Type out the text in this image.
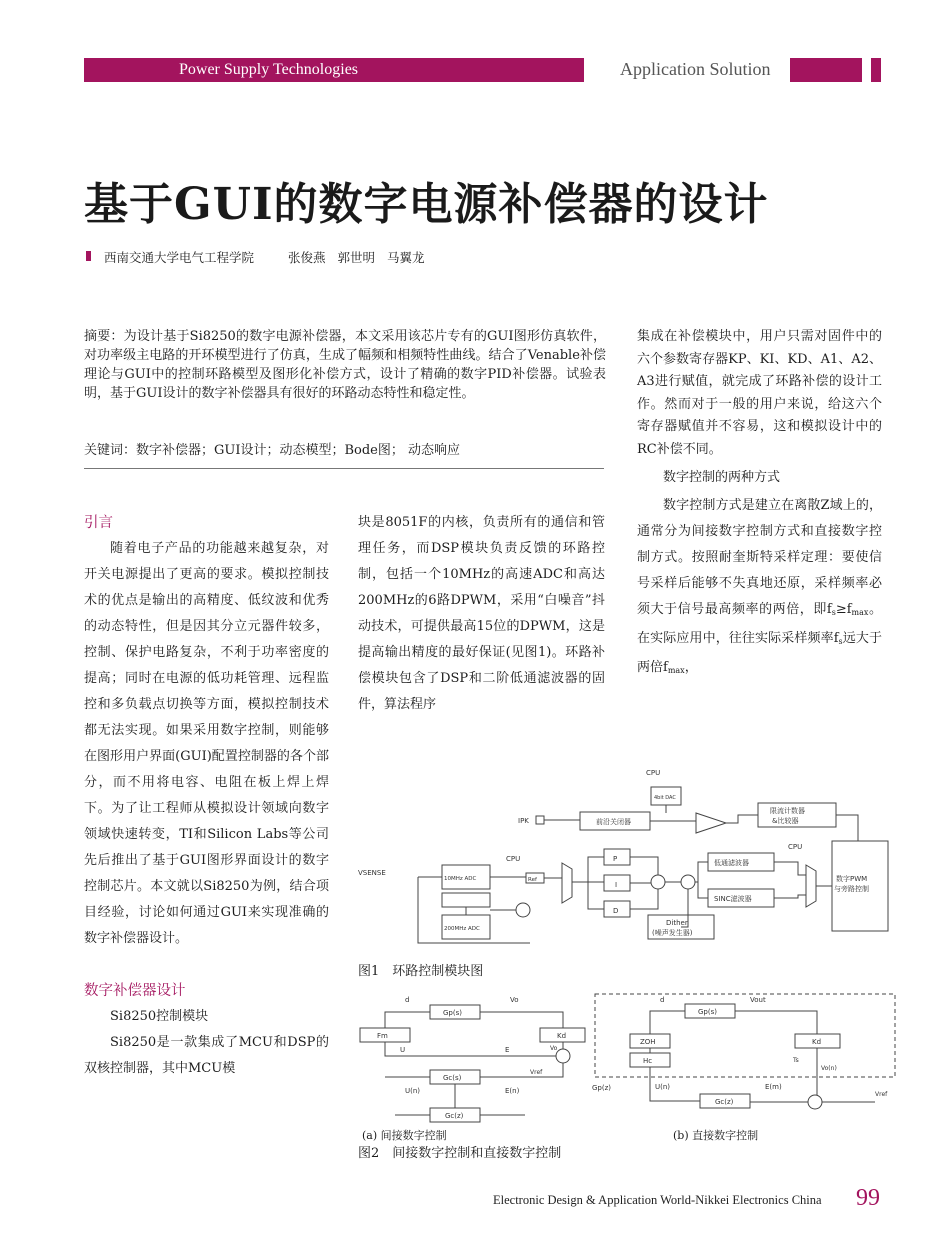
Power Supply Technologies	Application Solution
基于GUI的数字电源补偿器的设计
西南交通大学电气工程学院	张俊燕 郭世明 马翼龙
摘要：为设计基于Si8250的数字电源补偿器，本文采用该芯片专有的GUI图形仿真软件，对功率级主电路的开环模型进行了仿真，生成了幅频和相频特性曲线。结合了Venable补偿理论与GUI中的控制环路模型及图形化补偿方式，设计了精确的数字PID补偿器。试验表明，基于GUI设计的数字补偿器具有很好的环路动态特性和稳定性。
关键词：数字补偿器；GUI设计；动态模型；Bode图； 动态响应
引言

随着电子产品的功能越来越复杂，对开关电源提出了更高的要求。模拟控制技术的优点是输出的高精度、低纹波和优秀的动态特性，但是因其分立元器件较多，控制、保护电路复杂，不利于功率密度的提高；同时在电源的低功耗管理、远程监控和多负载点切换等方面，模拟控制技术都无法实现。如果采用数字控制，则能够在图形用户界面(GUI)配置控制器的各个部分，而不用将电容、电阻在板上焊上焊下。为了让工程师从模拟设计领域向数字领域快速转变，TI和Silicon Labs等公司先后推出了基于GUI图形界面设计的数字控制芯片。本文就以Si8250为例，结合项目经验，讨论如何通过GUI来实现准确的数字补偿器设计。

数字补偿器设计
Si8250控制模块

Si8250是一款集成了MCU和DSP的双核控制器，其中MCU模

块是8051F的内核，负责所有的通信和管理任务，而DSP模块负责反馈的环路控制，包括一个10MHz的高速ADC和高达200MHz的6路DPWM，采用“白噪音”抖动技术，可提供最高15位的DPWM，这是提高输出精度的最好保证(见图1)。环路补偿模块包含了DSP和二阶低通滤波器的固件，算法程序
集成在补偿模块中，用户只需对固件中的六个参数寄存器KP、KI、KD、A1、A2、A3进行赋值，就完成了环路补偿的设计工作。然而对于一般的用户来说，给这六个寄存器赋值并不容易，这和模拟设计中的RC补偿不同。
数字控制的两种方式

数字控制方式是建立在离散Z域上的，通常分为间接数字控制方式和直接数字控制方式。按照耐奎斯特采样定理：要使信号采样后能够不失真地还原，采样频率必须大于信号最高频率的两倍，即$f_s\ge f_{max}$。在实际应用中，往往实际采样频率$f_s$远大于两倍$f_{max}$，

CPU
4bit DAC
IPK	前沿关闭器
限流计数器
&比较器
VSENSE
10MHz ADC
200MHz ADC
CPU
Ref
P
I
D
低通滤波器
SINC滤波器
CPU
数字PWM
与旁路控制
Dither
(噪声发生器)
图1　环路控制模块图
d	Vo
Gp(s)
Fm	Kd
Vo
U	E
Gc(s)
U(n)	E(n)
Gc(z)
Vref
d	Vout
Gp(s)
ZOH	Kd
Hc	Ts
Vo(n)
Gp(z)	U(n)	E(m)
Gc(z)
Vref
(a) 间接数字控制	(b) 直接数字控制
图2　间接数字控制和直接数字控制
Electronic Design & Application World-Nikkei Electronics China 99
